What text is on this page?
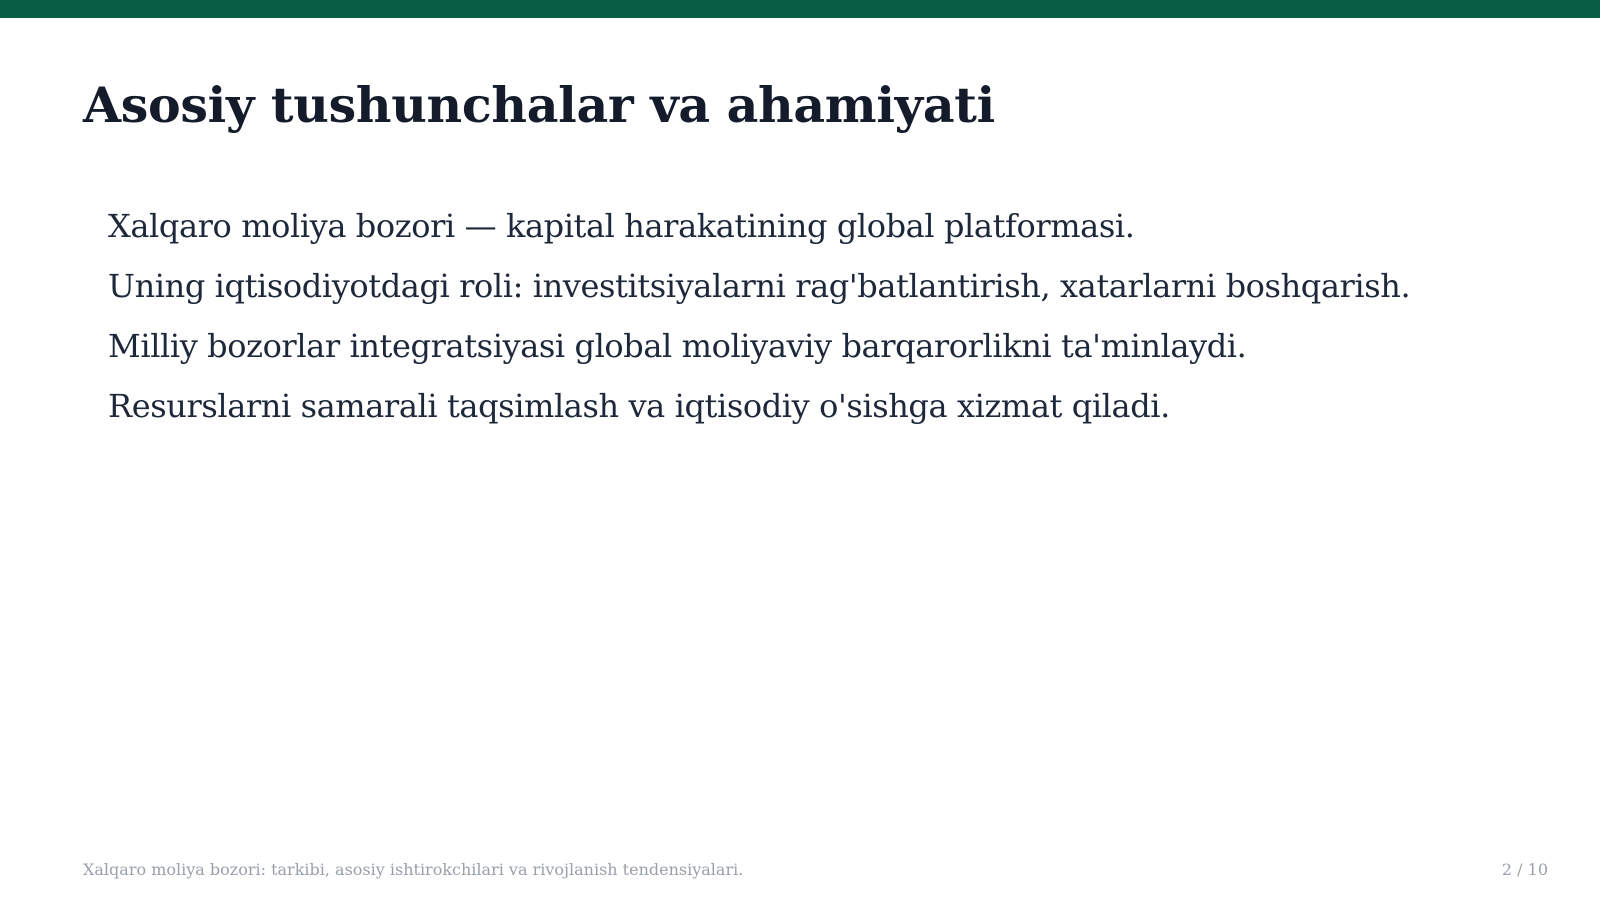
Asosiy tushunchalar va ahamiyati
Xalqaro moliya bozori — kapital harakatining global platformasi.
Uning iqtisodiyotdagi roli: investitsiyalarni rag'batlantirish, xatarlarni boshqarish.
Milliy bozorlar integratsiyasi global moliyaviy barqarorlikni ta'minlaydi.
Resurslarni samarali taqsimlash va iqtisodiy o'sishga xizmat qiladi.
Xalqaro moliya bozori: tarkibi, asosiy ishtirokchilari va rivojlanish tendensiyalari.	2 / 10
